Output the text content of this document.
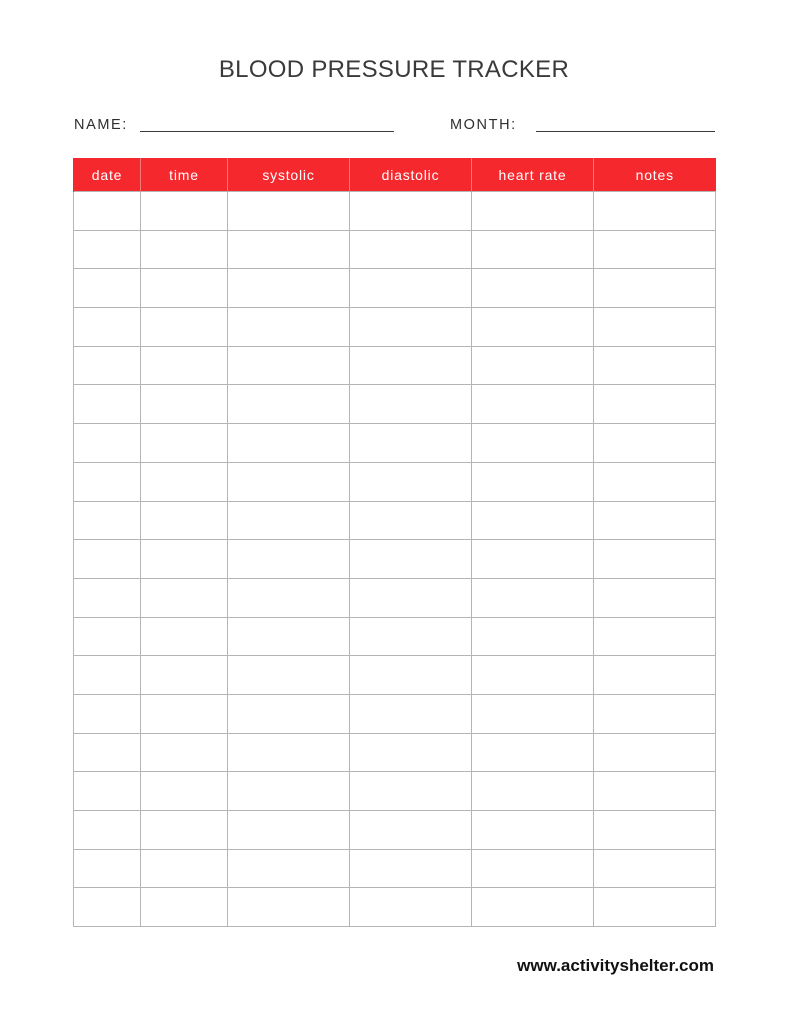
BLOOD PRESSURE TRACKER
NAME:	MONTH:
date	time	systolic	diastolic	heart rate	notes

www.activityshelter.com
